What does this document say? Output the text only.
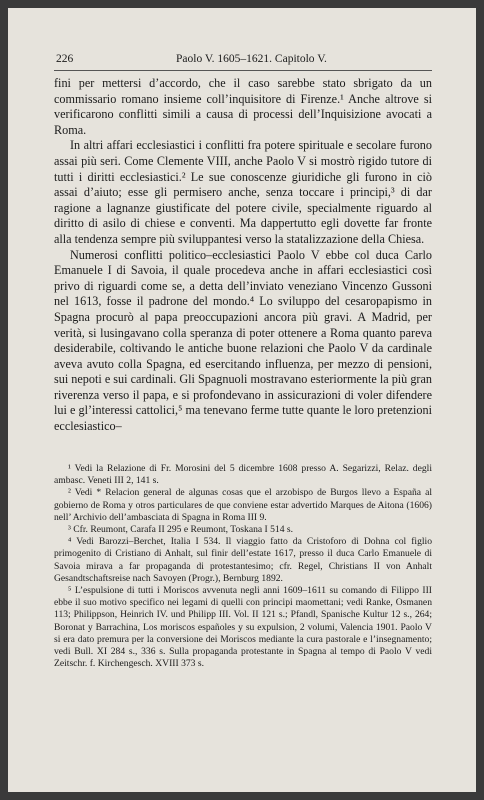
226	Paolo V. 1605–1621. Capitolo V.

fini per mettersi d’accordo, che il caso sarebbe stato sbrigato da un commissario romano insieme coll’inquisitore di Firenze.¹ Anche altrove si verificarono conflitti simili a causa di processi dell’Inquisizione avocati a Roma.

In altri affari ecclesiastici i conflitti fra potere spirituale e secolare furono assai più seri. Come Clemente VIII, anche Paolo V si mostrò rigido tutore di tutti i diritti ecclesiastici.² Le sue conoscenze giuridiche gli furono in ciò assai d’aiuto; esse gli permisero anche, senza toccare i principi,³ di dar ragione a lagnanze giustificate del potere civile, specialmente riguardo al diritto di asilo di chiese e conventi. Ma dappertutto egli dovette far fronte alla tendenza sempre più sviluppantesi verso la statalizzazione della Chiesa.

Numerosi conflitti politico–ecclesiastici Paolo V ebbe col duca Carlo Emanuele I di Savoia, il quale procedeva anche in affari ecclesiastici così privo di riguardi come se, a detta dell’inviato veneziano Vincenzo Gussoni nel 1613, fosse il padrone del mondo.⁴ Lo sviluppo del cesaropapismo in Spagna procurò al papa preoccupazioni ancora più gravi. A Madrid, per verità, si lusingavano colla speranza di poter ottenere a Roma quanto pareva desiderabile, coltivando le antiche buone relazioni che Paolo V da cardinale aveva avuto colla Spagna, ed esercitando influenza, per mezzo di pensioni, sui nepoti e sui cardinali. Gli Spagnuoli mostravano esteriormente la più gran riverenza verso il papa, e si profondevano in assicurazioni di voler difendere lui e gl’interessi cattolici,⁵ ma tenevano ferme tutte quante le loro pretenzioni ecclesiastico–

¹ Vedi la Relazione di Fr. Morosini del 5 dicembre 1608 presso A. Segarizzi, Relaz. degli ambasc. Veneti III 2, 141 s.

² Vedi * Relacion general de algunas cosas que el arzobispo de Burgos llevo a España al gobierno de Roma y otros particulares de que conviene estar advertido Marques de Aitona (1606) nell’ Archivio dell’ambasciata di Spagna in Roma III 9.

³ Cfr. Reumont, Carafa II 295 e Reumont, Toskana I 514 s.

⁴ Vedi Barozzi–Berchet, Italia I 534. Il viaggio fatto da Cristoforo di Dohna col figlio primogenito di Cristiano di Anhalt, sul finir dell’estate 1617, presso il duca Carlo Emanuele di Savoia mirava a far propaganda di protestantesimo; cfr. Regel, Christians II von Anhalt Gesandtschaftsreise nach Savoyen (Progr.), Bernburg 1892.

⁵ L’espulsione di tutti i Moriscos avvenuta negli anni 1609–1611 su comando di Filippo III ebbe il suo motivo specifico nei legami di quelli con principi maomettani; vedi Ranke, Osmanen 113; Philippson, Heinrich IV. und Philipp III. Vol. II 121 s.; Pfandl, Spanische Kultur 12 s., 264; Boronat y Barrachina, Los moriscos españoles y su expulsion, 2 volumi, Valencia 1901. Paolo V si era dato premura per la conversione dei Moriscos mediante la cura pastorale e l’insegnamento; vedi Bull. XI 284 s., 336 s. Sulla propaganda protestante in Spagna al tempo di Paolo V vedi Zeitschr. f. Kirchengesch. XVIII 373 s.
